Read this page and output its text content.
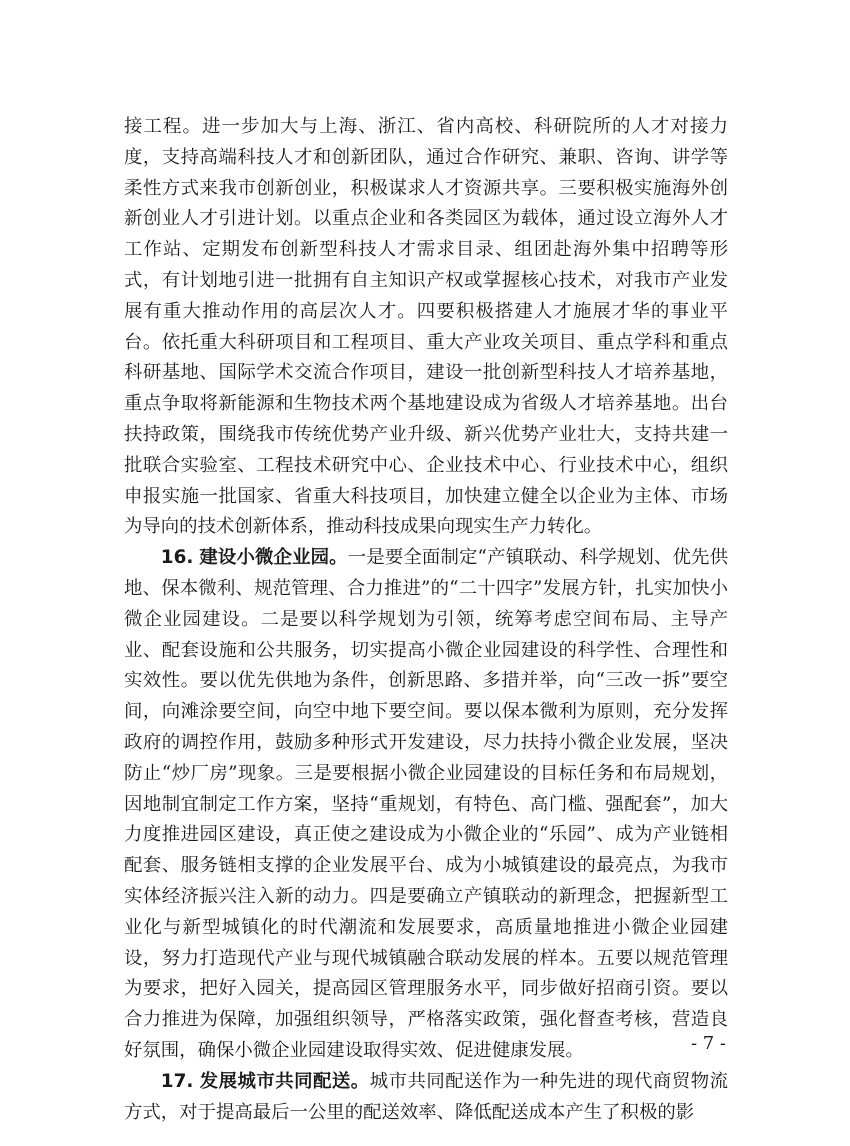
接工程。进一步加大与上海、浙江、省内高校、科研院所的人才对接力度，支持高端科技人才和创新团队，通过合作研究、兼职、咨询、讲学等柔性方式来我市创新创业，积极谋求人才资源共享。三要积极实施海外创新创业人才引进计划。以重点企业和各类园区为载体，通过设立海外人才工作站、定期发布创新型科技人才需求目录、组团赴海外集中招聘等形式，有计划地引进一批拥有自主知识产权或掌握核心技术，对我市产业发展有重大推动作用的高层次人才。四要积极搭建人才施展才华的事业平台。依托重大科研项目和工程项目、重大产业攻关项目、重点学科和重点科研基地、国际学术交流合作项目，建设一批创新型科技人才培养基地，重点争取将新能源和生物技术两个基地建设成为省级人才培养基地。出台扶持政策，围绕我市传统优势产业升级、新兴优势产业壮大，支持共建一批联合实验室、工程技术研究中心、企业技术中心、行业技术中心，组织申报实施一批国家、省重大科技项目，加快建立健全以企业为主体、市场为导向的技术创新体系，推动科技成果向现实生产力转化。

16. 建设小微企业园。一是要全面制定“产镇联动、科学规划、优先供地、保本微利、规范管理、合力推进”的“二十四字”发展方针，扎实加快小微企业园建设。二是要以科学规划为引领，统筹考虑空间布局、主导产业、配套设施和公共服务，切实提高小微企业园建设的科学性、合理性和实效性。要以优先供地为条件，创新思路、多措并举，向“三改一拆”要空间，向滩涂要空间，向空中地下要空间。要以保本微利为原则，充分发挥政府的调控作用，鼓励多种形式开发建设，尽力扶持小微企业发展，坚决防止“炒厂房”现象。三是要根据小微企业园建设的目标任务和布局规划，因地制宜制定工作方案，坚持“重规划，有特色、高门槛、强配套”，加大力度推进园区建设，真正使之建设成为小微企业的“乐园”、成为产业链相配套、服务链相支撑的企业发展平台、成为小城镇建设的最亮点，为我市实体经济振兴注入新的动力。四是要确立产镇联动的新理念，把握新型工业化与新型城镇化的时代潮流和发展要求，高质量地推进小微企业园建设，努力打造现代产业与现代城镇融合联动发展的样本。五要以规范管理为要求，把好入园关，提高园区管理服务水平，同步做好招商引资。要以合力推进为保障，加强组织领导，严格落实政策，强化督查考核，营造良好氛围，确保小微企业园建设取得实效、促进健康发展。

17. 发展城市共同配送。城市共同配送作为一种先进的现代商贸物流方式，对于提高最后一公里的配送效率、降低配送成本产生了积极的影

- 7 -
